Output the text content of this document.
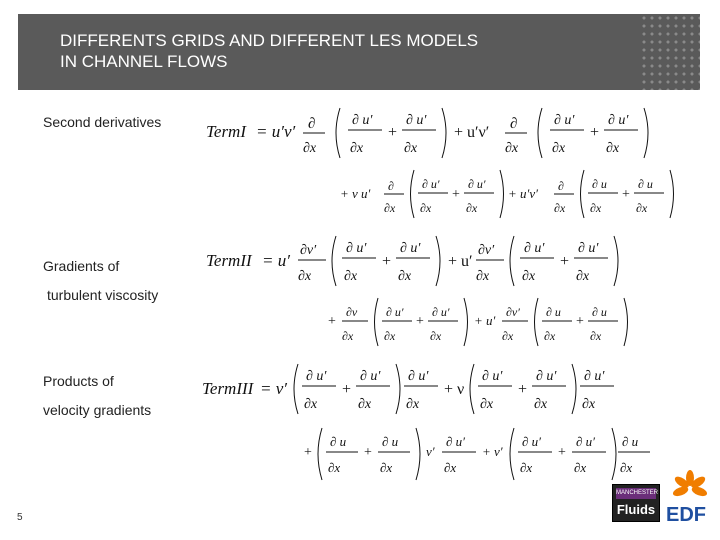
DIFFERENTS GRIDS AND DIFFERENT LES MODELS
IN CHANNEL FLOWS
Second derivatives
Gradients of
turbulent viscosity
Products of
velocity gradients
TermI = u′ν′ ∂
∂x
∂ u′
∂x
+
∂ u′
∂x
+ u′ν′ ∂
∂x
∂ u′
∂x
+
∂ u′
∂x
+ ν u′ ∂
∂x
∂ u′
∂x
+
∂ u′
∂x
+ u′ν′ ∂
∂x
∂ u
∂x
+
∂ u
∂x
TermII = u′
∂ν′
∂x
∂ u′
∂x
+
∂ u′
∂x
+ u′
∂ν′
∂x
∂ u′
∂x
+
∂ u′
∂x
+
∂ν
∂x
∂ u′
∂x
+
∂ u′
∂x
+ u′
∂ν′
∂x
∂ u
∂x
+
∂ u
∂x
TermIII = ν′
∂ u′
∂x
+
∂ u′
∂x
∂ u′
∂x
+ ν
∂ u′
∂x
+
∂ u′
∂x
∂ u′
∂x
+
∂ u
∂x
+
∂ u
∂x
ν′
∂ u′
∂x
+ ν′
∂ u′
∂x
+
∂ u′
∂x
∂ u
∂x
5
MANCHESTER
Fluids EDF
